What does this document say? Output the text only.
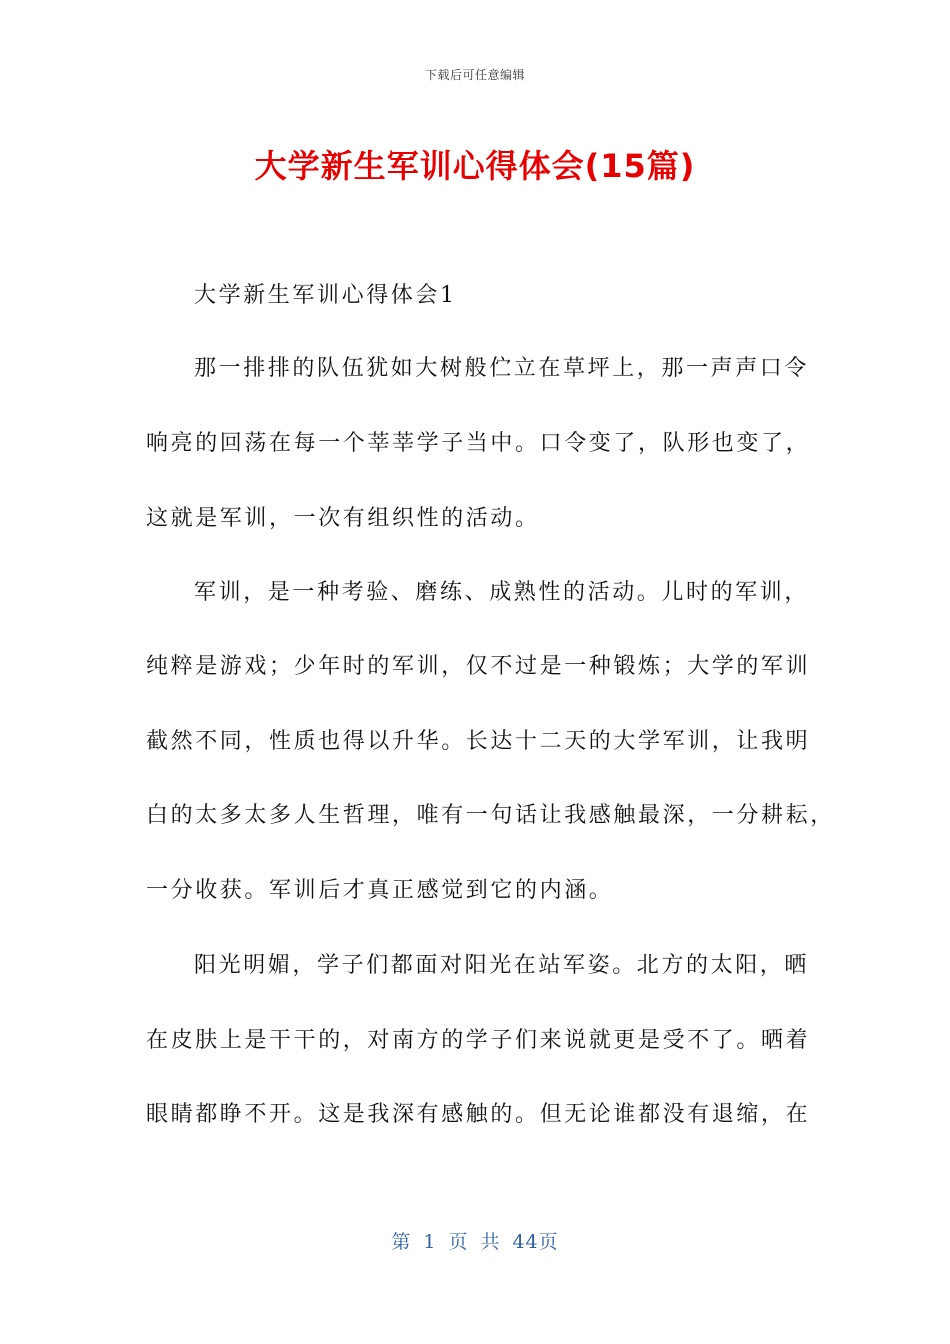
下载后可任意编辑
大学新生军训心得体会(15篇)

大学新生军训心得体会1

那一排排的队伍犹如大树般伫立在草坪上，那一声声口令

响亮的回荡在每一个莘莘学子当中。口令变了，队形也变了，

这就是军训，一次有组织性的活动。

军训，是一种考验、磨练、成熟性的活动。儿时的军训，

纯粹是游戏；少年时的军训，仅不过是一种锻炼；大学的军训

截然不同，性质也得以升华。长达十二天的大学军训，让我明

白的太多太多人生哲理，唯有一句话让我感触最深，一分耕耘，

一分收获。军训后才真正感觉到它的内涵。

阳光明媚，学子们都面对阳光在站军姿。北方的太阳，晒

在皮肤上是干干的，对南方的学子们来说就更是受不了。晒着

眼睛都睁不开。这是我深有感触的。但无论谁都没有退缩，在

第 1 页 共 44页
